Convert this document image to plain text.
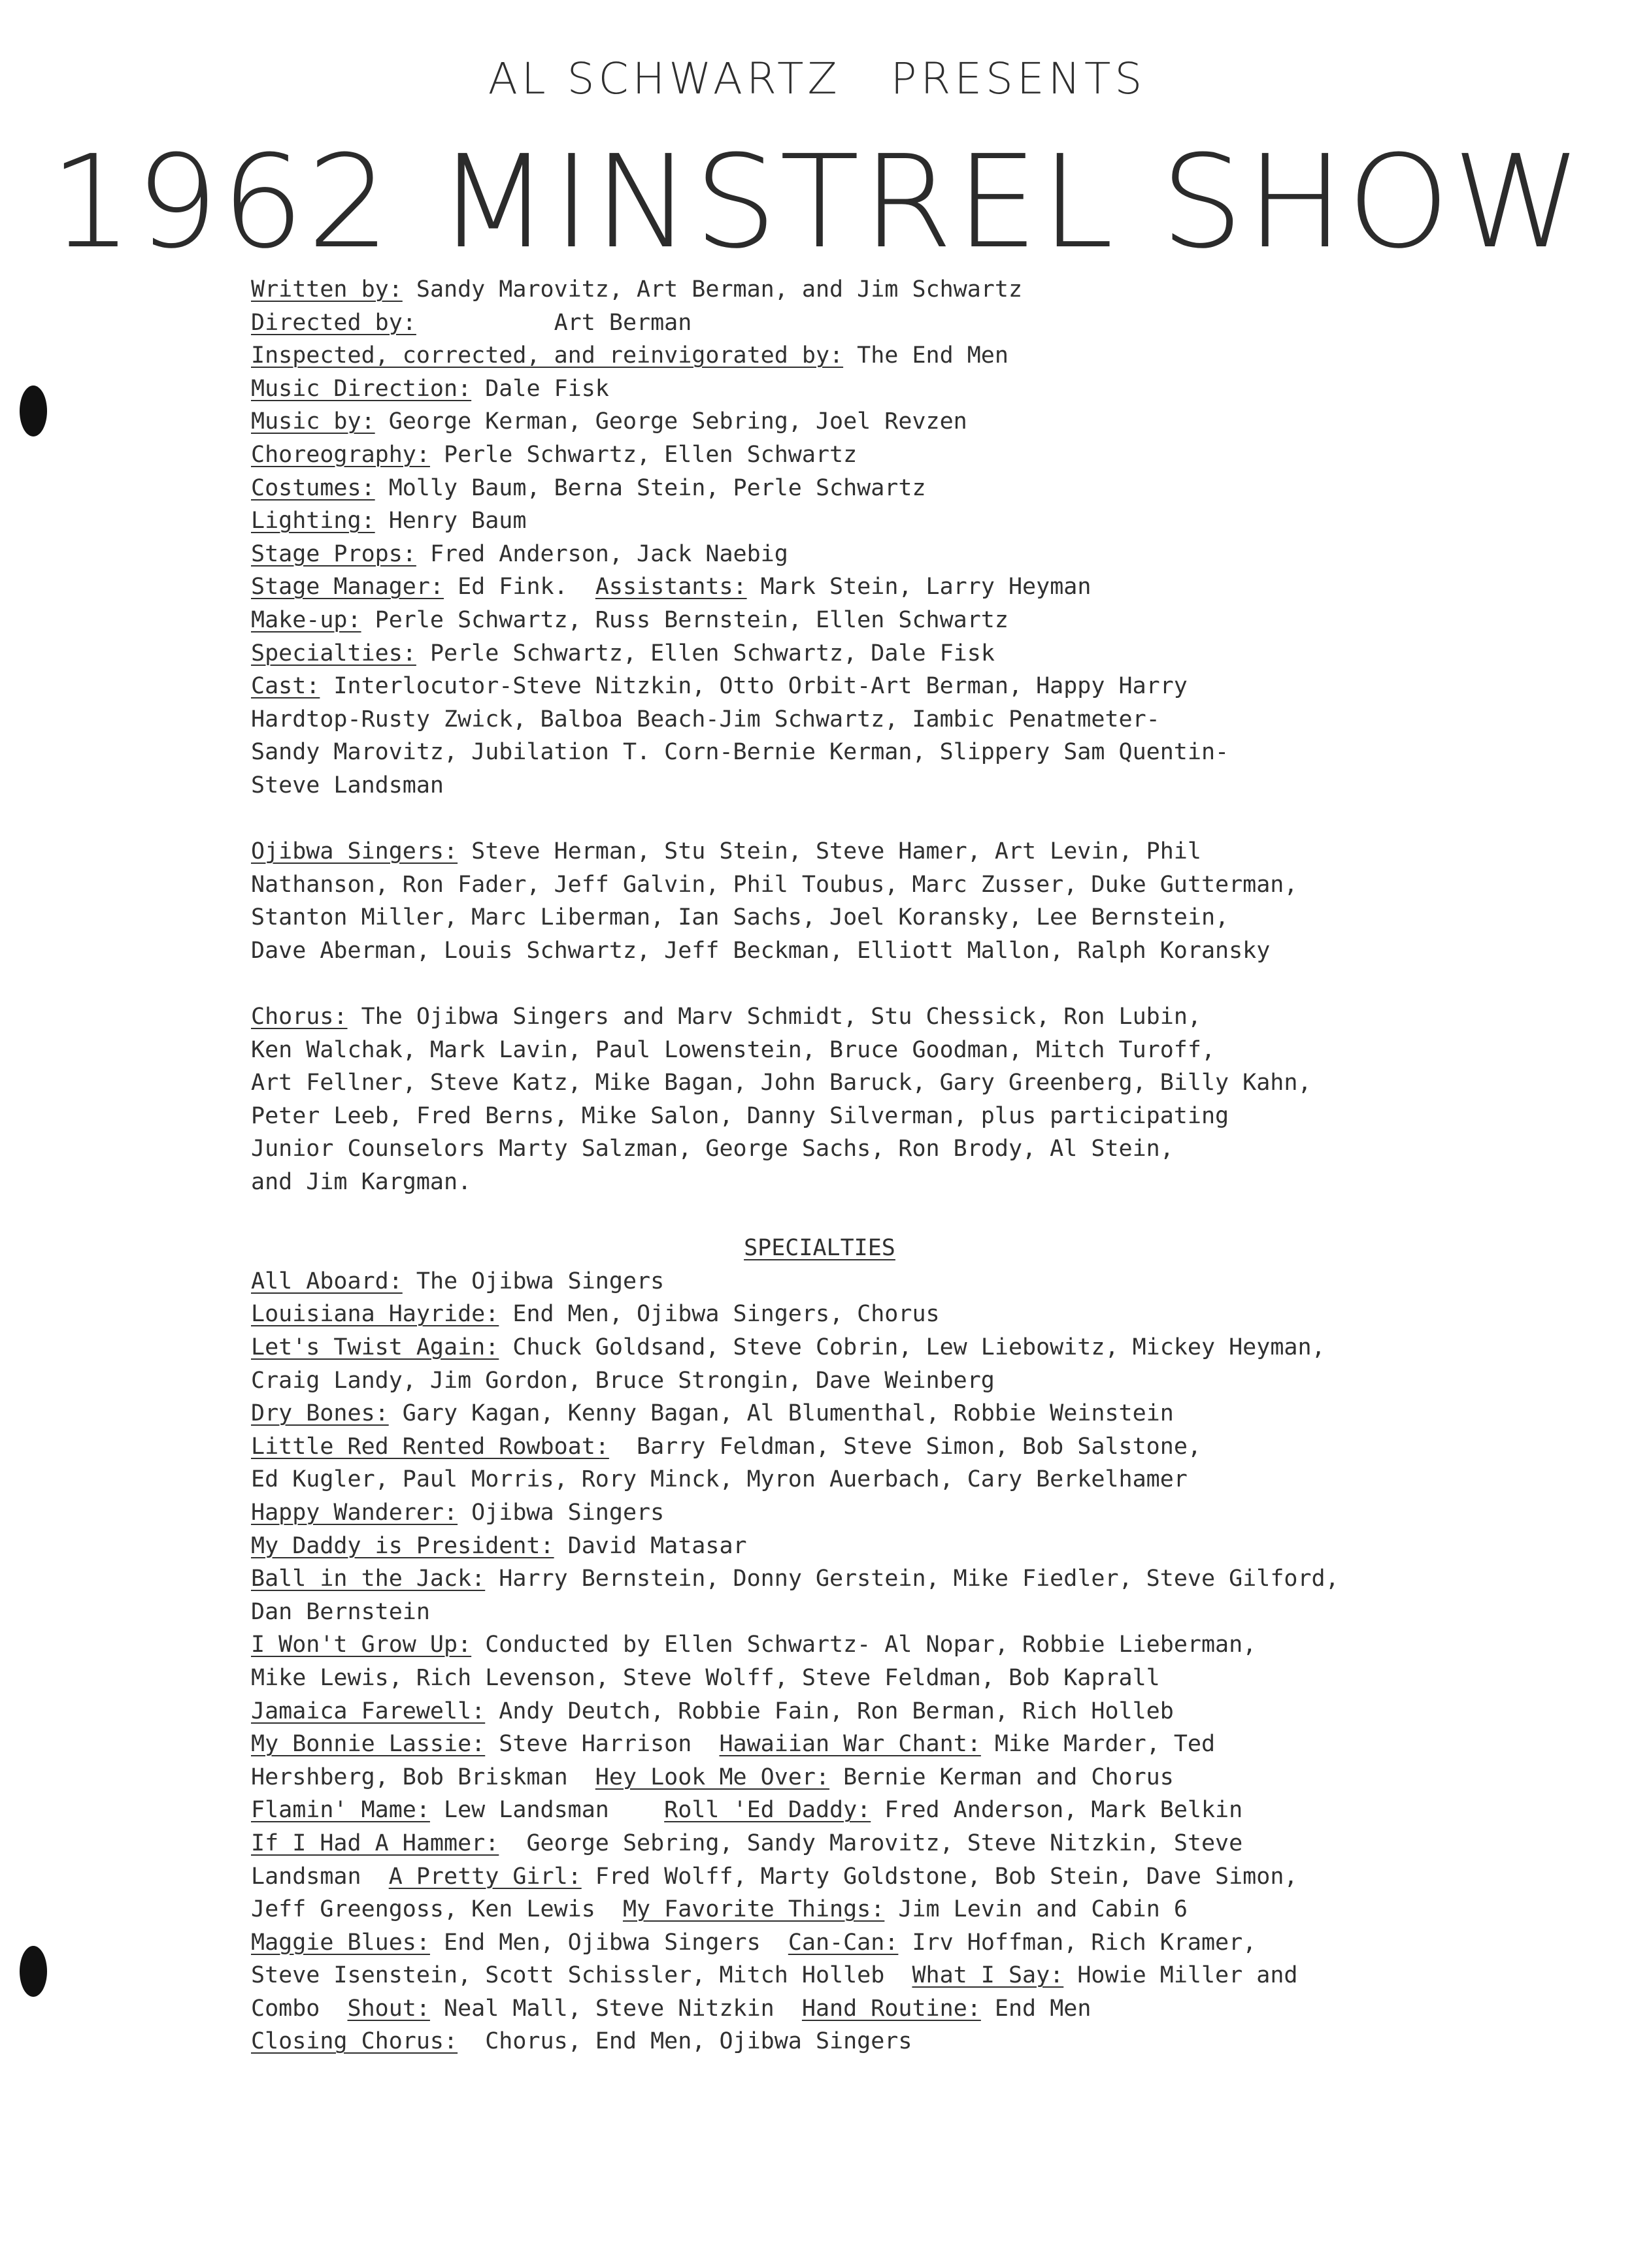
AL SCHWARTZ PRESENTS
1962 MINSTREL SHOW
Written by: Sandy Marovitz, Art Berman, and Jim Schwartz
Directed by:          Art Berman
Inspected, corrected, and reinvigorated by: The End Men
Music Direction: Dale Fisk
Music by: George Kerman, George Sebring, Joel Revzen
Choreography: Perle Schwartz, Ellen Schwartz
Costumes: Molly Baum, Berna Stein, Perle Schwartz
Lighting: Henry Baum
Stage Props: Fred Anderson, Jack Naebig
Stage Manager: Ed Fink.  Assistants: Mark Stein, Larry Heyman
Make-up: Perle Schwartz, Russ Bernstein, Ellen Schwartz
Specialties: Perle Schwartz, Ellen Schwartz, Dale Fisk
Cast: Interlocutor-Steve Nitzkin, Otto Orbit-Art Berman, Happy Harry
Hardtop-Rusty Zwick, Balboa Beach-Jim Schwartz, Iambic Penatmeter-
Sandy Marovitz, Jubilation T. Corn-Bernie Kerman, Slippery Sam Quentin-
Steve Landsman
Ojibwa Singers: Steve Herman, Stu Stein, Steve Hamer, Art Levin, Phil
Nathanson, Ron Fader, Jeff Galvin, Phil Toubus, Marc Zusser, Duke Gutterman,
Stanton Miller, Marc Liberman, Ian Sachs, Joel Koransky, Lee Bernstein,
Dave Aberman, Louis Schwartz, Jeff Beckman, Elliott Mallon, Ralph Koransky
Chorus: The Ojibwa Singers and Marv Schmidt, Stu Chessick, Ron Lubin,
Ken Walchak, Mark Lavin, Paul Lowenstein, Bruce Goodman, Mitch Turoff,
Art Fellner, Steve Katz, Mike Bagan, John Baruck, Gary Greenberg, Billy Kahn,
Peter Leeb, Fred Berns, Mike Salon, Danny Silverman, plus participating
Junior Counselors Marty Salzman, George Sachs, Ron Brody, Al Stein,
and Jim Kargman.
SPECIALTIES
All Aboard: The Ojibwa Singers
Louisiana Hayride: End Men, Ojibwa Singers, Chorus
Let's Twist Again: Chuck Goldsand, Steve Cobrin, Lew Liebowitz, Mickey Heyman,
Craig Landy, Jim Gordon, Bruce Strongin, Dave Weinberg
Dry Bones: Gary Kagan, Kenny Bagan, Al Blumenthal, Robbie Weinstein
Little Red Rented Rowboat:  Barry Feldman, Steve Simon, Bob Salstone,
Ed Kugler, Paul Morris, Rory Minck, Myron Auerbach, Cary Berkelhamer
Happy Wanderer: Ojibwa Singers
My Daddy is President: David Matasar
Ball in the Jack: Harry Bernstein, Donny Gerstein, Mike Fiedler, Steve Gilford,
Dan Bernstein
I Won't Grow Up: Conducted by Ellen Schwartz- Al Nopar, Robbie Lieberman,
Mike Lewis, Rich Levenson, Steve Wolff, Steve Feldman, Bob Kaprall
Jamaica Farewell: Andy Deutch, Robbie Fain, Ron Berman, Rich Holleb
My Bonnie Lassie: Steve Harrison  Hawaiian War Chant: Mike Marder, Ted
Hershberg, Bob Briskman  Hey Look Me Over: Bernie Kerman and Chorus
Flamin' Mame: Lew Landsman    Roll 'Ed Daddy: Fred Anderson, Mark Belkin
If I Had A Hammer:  George Sebring, Sandy Marovitz, Steve Nitzkin, Steve
Landsman  A Pretty Girl: Fred Wolff, Marty Goldstone, Bob Stein, Dave Simon,
Jeff Greengoss, Ken Lewis  My Favorite Things: Jim Levin and Cabin 6
Maggie Blues: End Men, Ojibwa Singers  Can-Can: Irv Hoffman, Rich Kramer,
Steve Isenstein, Scott Schissler, Mitch Holleb  What I Say: Howie Miller and
Combo  Shout: Neal Mall, Steve Nitzkin  Hand Routine: End Men
Closing Chorus:  Chorus, End Men, Ojibwa Singers
